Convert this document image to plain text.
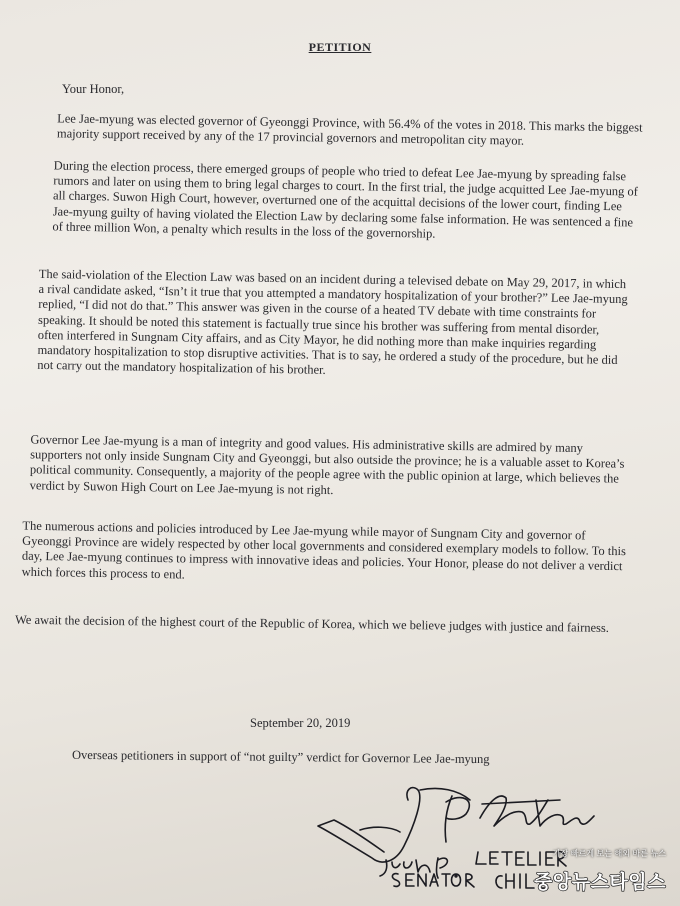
PETITION
Your Honor,

Lee Jae-myung was elected governor of Gyeonggi Province, with 56.4% of the votes in 2018. This marks the biggest majority support received by any of the 17 provincial governors and metropolitan city mayor.

During the election process, there emerged groups of people who tried to defeat Lee Jae-myung by spreading false rumors and later on using them to bring legal charges to court. In the first trial, the judge acquitted Lee Jae-myung of all charges. Suwon High Court, however, overturned one of the acquittal decisions of the lower court, finding Lee Jae-myung guilty of having violated the Election Law by declaring some false information. He was sentenced a fine of three million Won, a penalty which results in the loss of the governorship.

The said-violation of the Election Law was based on an incident during a televised debate on May 29, 2017, in which a rival candidate asked, “Isn’t it true that you attempted a mandatory hospitalization of your brother?” Lee Jae-myung replied, “I did not do that.” This answer was given in the course of a heated TV debate with time constraints for speaking. It should be noted this statement is factually true since his brother was suffering from mental disorder, often interfered in Sungnam City affairs, and as City Mayor, he did nothing more than make inquiries regarding mandatory hospitalization to stop disruptive activities. That is to say, he ordered a study of the procedure, but he did not carry out the mandatory hospitalization of his brother.

Governor Lee Jae-myung is a man of integrity and good values. His administrative skills are admired by many supporters not only inside Sungnam City and Gyeonggi, but also outside the province; he is a valuable asset to Korea’s political community. Consequently, a majority of the people agree with the public opinion at large, which believes the verdict by Suwon High Court on Lee Jae-myung is not right.

The numerous actions and policies introduced by Lee Jae-myung while mayor of Sungnam City and governor of Gyeonggi Province are widely respected by other local governments and considered exemplary models to follow. To this day, Lee Jae-myung continues to impress with innovative ideas and policies. Your Honor, please do not deliver a verdict which forces this process to end.

We await the decision of the highest court of the Republic of Korea, which we believe judges with justice and fairness.

September 20, 2019
Overseas petitioners in support of “not guilty” verdict for Governor Lee Jae-myung
가장 빠르게 보는 해외 바른 뉴스
중앙뉴스타임스
